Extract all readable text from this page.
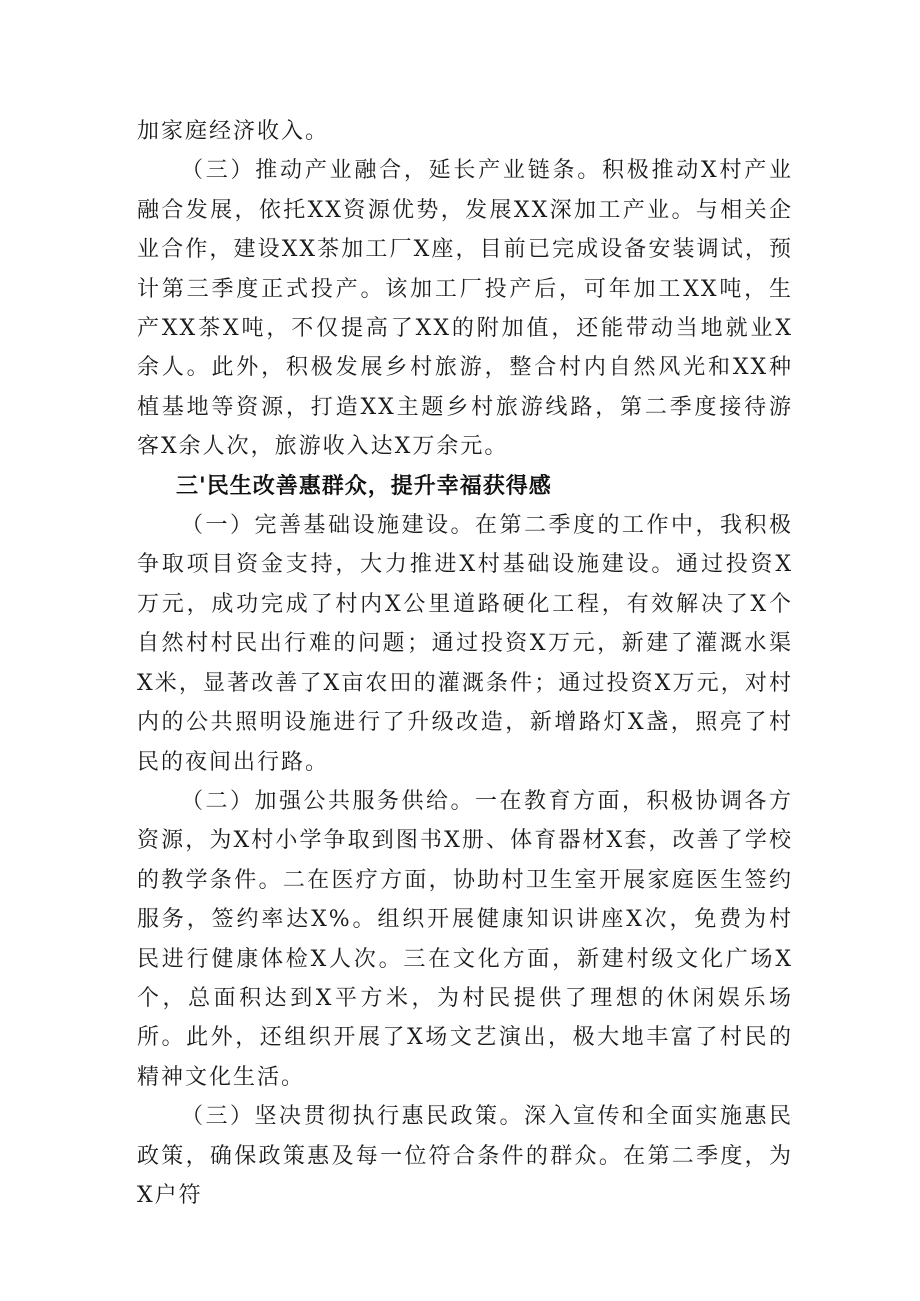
加家庭经济收入。

（三）推动产业融合，延长产业链条。积极推动X村产业融合发展，依托XX资源优势，发展XX深加工产业。与相关企业合作，建设XX茶加工厂X座，目前已完成设备安装调试，预计第三季度正式投产。该加工厂投产后，可年加工XX吨，生产XX茶X吨，不仅提高了XX的附加值，还能带动当地就业X余人。此外，积极发展乡村旅游，整合村内自然风光和XX种植基地等资源，打造XX主题乡村旅游线路，第二季度接待游客X余人次，旅游收入达X万余元。

三'民生改善惠群众，提升幸福获得感

（一）完善基础设施建设。在第二季度的工作中，我积极争取项目资金支持，大力推进X村基础设施建设。通过投资X万元，成功完成了村内X公里道路硬化工程，有效解决了X个自然村村民出行难的问题；通过投资X万元，新建了灌溉水渠X米，显著改善了X亩农田的灌溉条件；通过投资X万元，对村内的公共照明设施进行了升级改造，新增路灯X盏，照亮了村民的夜间出行路。

（二）加强公共服务供给。一在教育方面，积极协调各方资源，为X村小学争取到图书X册、体育器材X套，改善了学校的教学条件。二在医疗方面，协助村卫生室开展家庭医生签约服务，签约率达X%。组织开展健康知识讲座X次，免费为村民进行健康体检X人次。三在文化方面，新建村级文化广场X个，总面积达到X平方米，为村民提供了理想的休闲娱乐场所。此外，还组织开展了X场文艺演出，极大地丰富了村民的精神文化生活。

（三）坚决贯彻执行惠民政策。深入宣传和全面实施惠民政策，确保政策惠及每一位符合条件的群众。在第二季度，为X户符
